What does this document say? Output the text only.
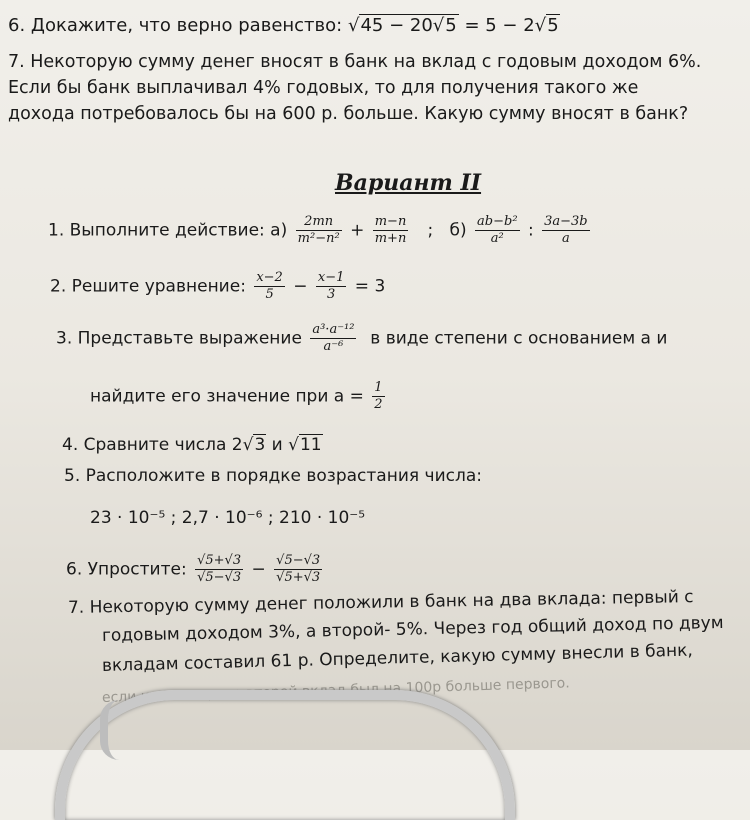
6. Докажите, что верно равенство: √45 − 20√5 = 5 − 2√5
7. Некоторую сумму денег вносят в банк на вклад с годовым доходом 6%.
Если бы банк выплачивал 4% годовых, то для получения такого же
дохода потребовалось бы на 600 р. больше. Какую сумму вносят в банк?
Вариант II
1. Выполните действие: $а) \frac{2mn}{\text{m²−n²}} + \frac{m-n}{m+n}$ ; $б) \frac{\text{ab−b²}}{\text{a²}}$ : $\frac{3a-3b}{a}$
2. Решите уравнение: $\frac{x-2}{5} - \frac{x-1}{3} = 3$
3. Представьте выражение $\frac{\text{a³·a⁻¹²}}{\text{a⁻⁶}}$ в виде степени с основанием a и
найдите его значение при $a = \frac{1}{2}$
4. Сравните числа 2√3 и √11
5. Расположите в порядке возрастания числа:
23 · 10⁻⁵ ; 2,7 · 10⁻⁶ ; 210 · 10⁻⁵
6. Упростите: $\frac{√5+√3}{√5-√3} - \frac{√5-√3}{√5+√3}$
7. Некоторую сумму денег положили в банк на два вклада: первый с
годовым доходом 3%, а второй- 5%. Через год общий доход по двум
вкладам составил 61 р. Определите, какую сумму внесли в банк,
если известно, что второй вклад был на 100р больше первого.
